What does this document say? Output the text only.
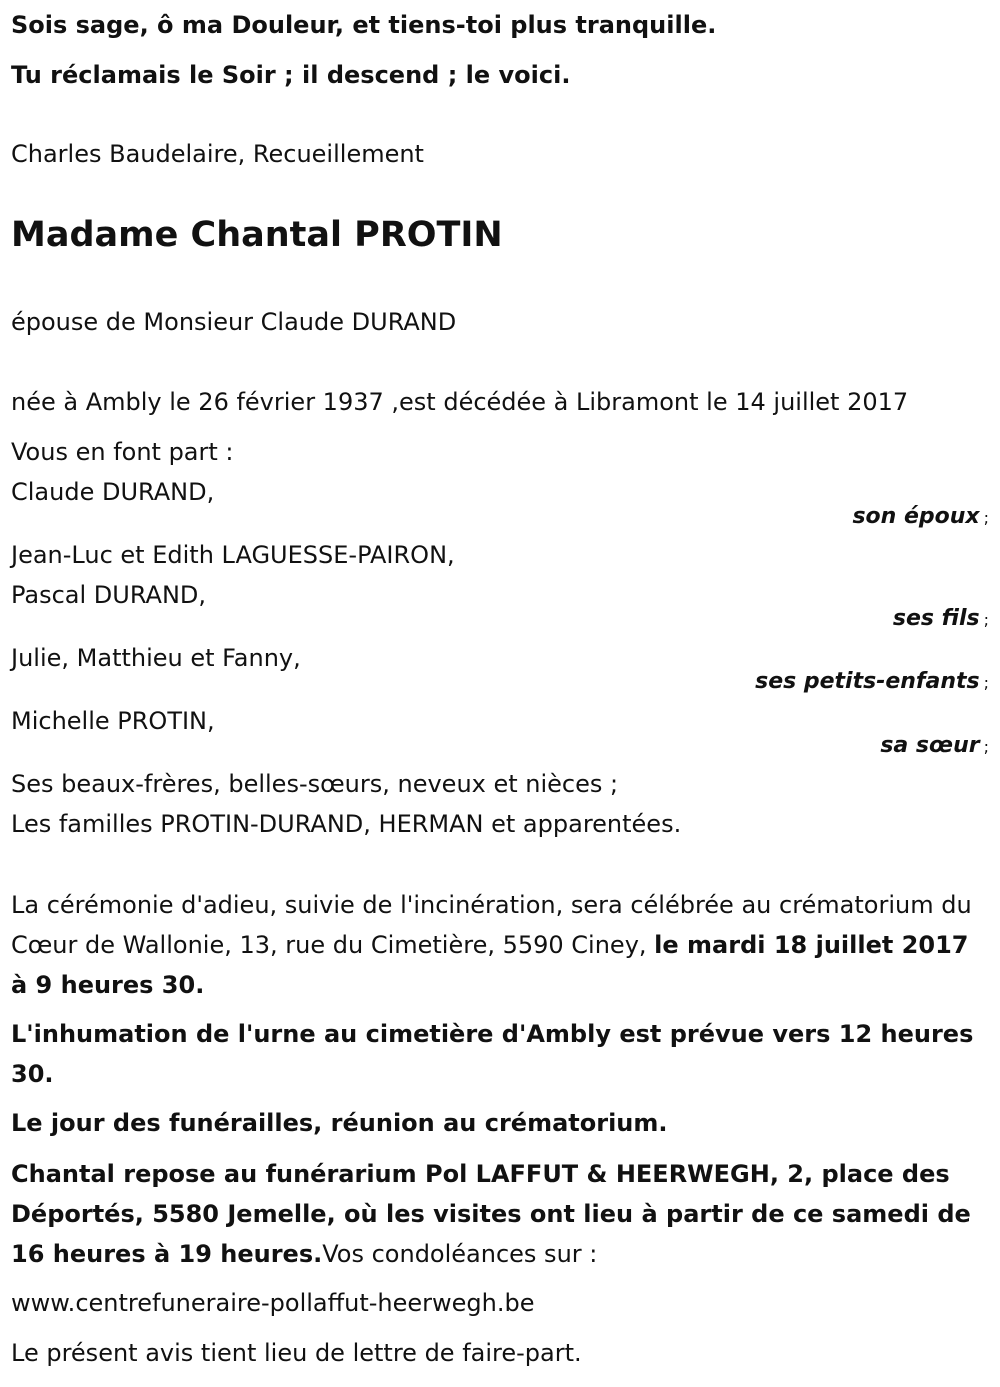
Sois sage, ô ma Douleur, et tiens-toi plus tranquille.
Tu réclamais le Soir ; il descend ; le voici.
Charles Baudelaire, Recueillement
Madame Chantal PROTIN
épouse de Monsieur Claude DURAND
née à Ambly le 26 février 1937 ,est décédée à Libramont le 14 juillet 2017
Vous en font part :
Claude DURAND,
son époux ;
Jean-Luc et Edith LAGUESSE-PAIRON,
Pascal DURAND,
ses fils ;
Julie, Matthieu et Fanny,
ses petits-enfants ;
Michelle PROTIN,
sa sœur ;
Ses beaux-frères, belles-sœurs, neveux et nièces ;
Les familles PROTIN-DURAND, HERMAN et apparentées.
La cérémonie d'adieu, suivie de l'incinération, sera célébrée au crématorium du Cœur de Wallonie, 13, rue du Cimetière, 5590 Ciney, le mardi 18 juillet 2017 à 9 heures 30.
L'inhumation de l'urne au cimetière d'Ambly est prévue vers 12 heures 30.
Le jour des funérailles, réunion au crématorium.
Chantal repose au funérarium Pol LAFFUT & HEERWEGH, 2, place des Déportés, 5580 Jemelle, où les visites ont lieu à partir de ce samedi de 16 heures à 19 heures.Vos condoléances sur :
www.centrefuneraire-pollaffut-heerwegh.be
Le présent avis tient lieu de lettre de faire-part.
